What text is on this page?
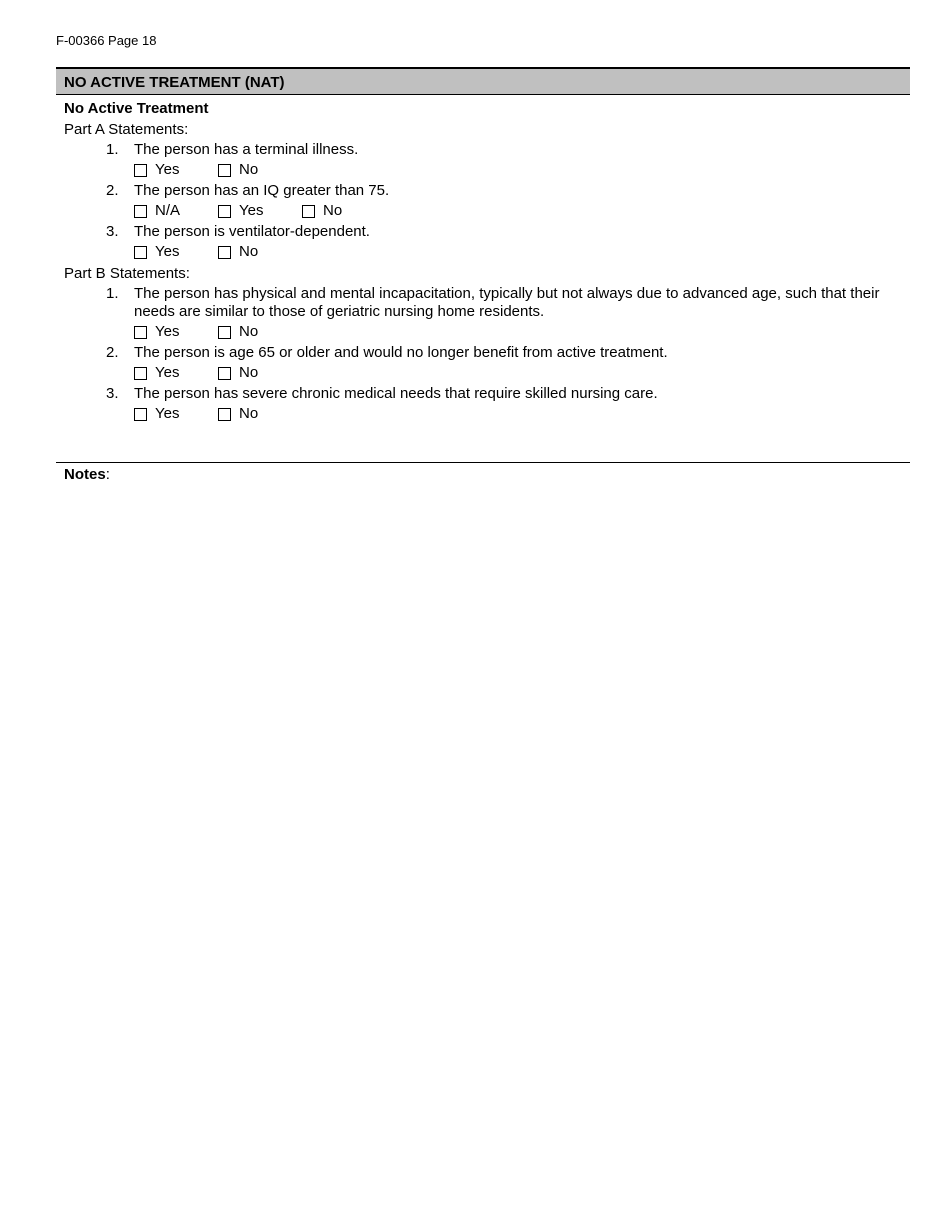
F-00366 Page 18
NO ACTIVE TREATMENT (NAT)
No Active Treatment
Part A Statements:
1.	The person has a terminal illness.
Yes	No
2.	The person has an IQ greater than 75.
N/A	Yes	No
3.	The person is ventilator-dependent.
Yes	No
Part B Statements:
1.	The person has physical and mental incapacitation, typically but not always due to advanced age, such that their needs are similar to those of geriatric nursing home residents.
Yes	No
2.	The person is age 65 or older and would no longer benefit from active treatment.
Yes	No
3.	The person has severe chronic medical needs that require skilled nursing care.
Yes	No
Notes:
